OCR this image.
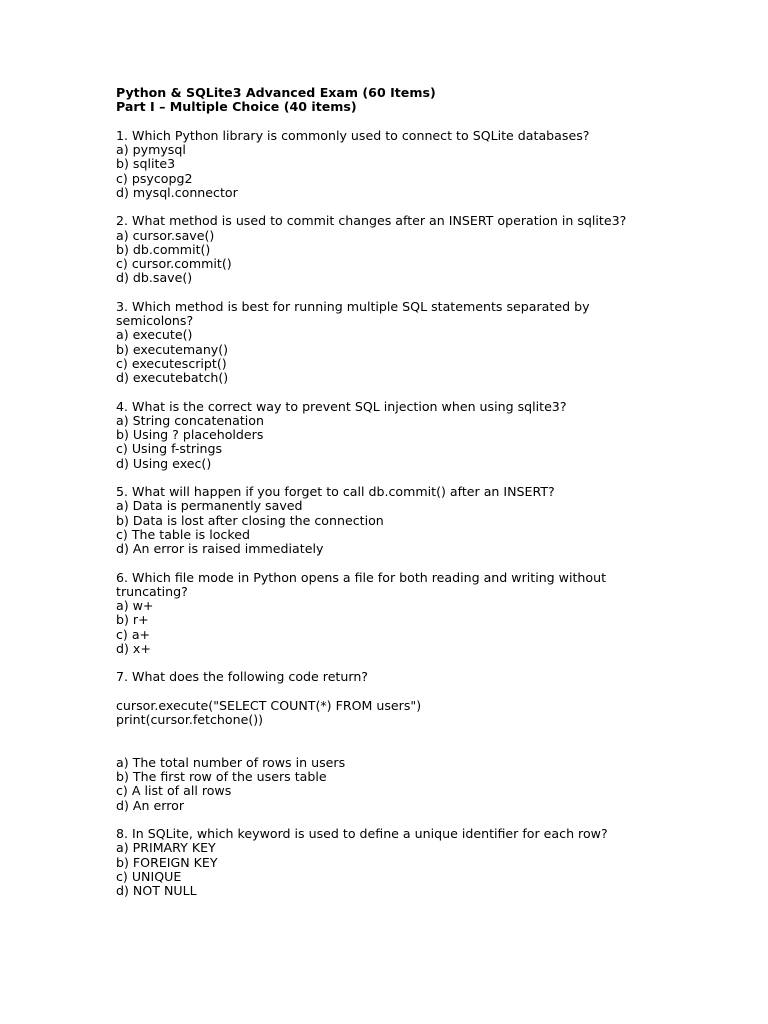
Python & SQLite3 Advanced Exam (60 Items)
Part I – Multiple Choice (40 items)
1. Which Python library is commonly used to connect to SQLite databases?
a) pymysql
b) sqlite3
c) psycopg2
d) mysql.connector
2. What method is used to commit changes after an INSERT operation in sqlite3?
a) cursor.save()
b) db.commit()
c) cursor.commit()
d) db.save()
3. Which method is best for running multiple SQL statements separated by semicolons?
a) execute()
b) executemany()
c) executescript()
d) executebatch()
4. What is the correct way to prevent SQL injection when using sqlite3?
a) String concatenation
b) Using ? placeholders
c) Using f-strings
d) Using exec()
5. What will happen if you forget to call db.commit() after an INSERT?
a) Data is permanently saved
b) Data is lost after closing the connection
c) The table is locked
d) An error is raised immediately
6. Which file mode in Python opens a file for both reading and writing without truncating?
a) w+
b) r+
c) a+
d) x+
7. What does the following code return?
cursor.execute("SELECT COUNT(*) FROM users")
print(cursor.fetchone())
a) The total number of rows in users
b) The first row of the users table
c) A list of all rows
d) An error
8. In SQLite, which keyword is used to define a unique identifier for each row?
a) PRIMARY KEY
b) FOREIGN KEY
c) UNIQUE
d) NOT NULL
